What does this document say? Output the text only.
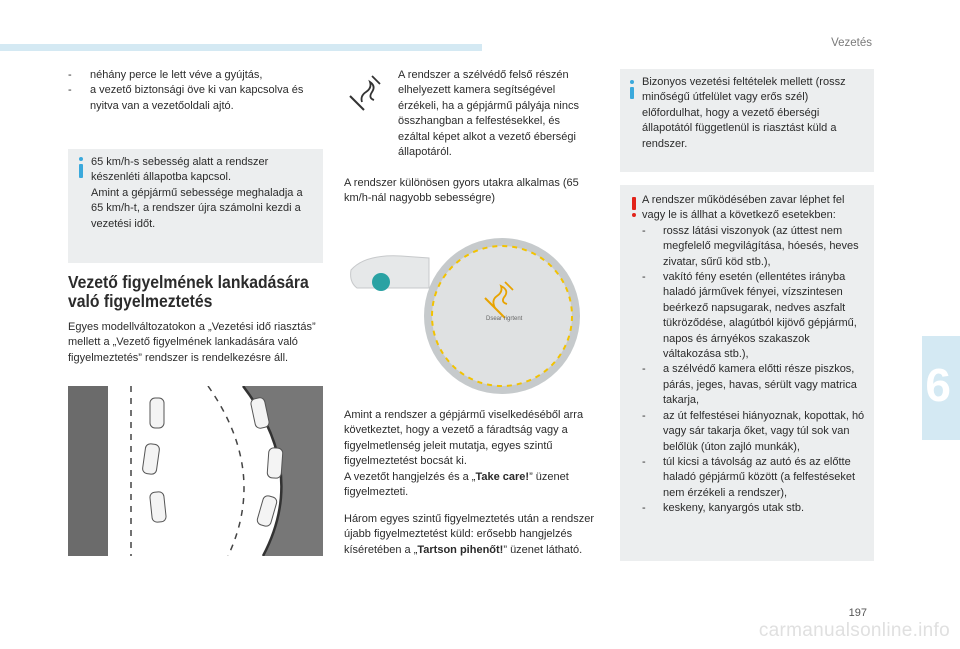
Vezetés
6
- néhány perce le lett véve a gyújtás,
- a vezető biztonsági öve ki van kapcsolva és nyitva van a vezetőoldali ajtó.
65 km/h-s sebesség alatt a rendszer készenléti állapotba kapcsol.
Amint a gépjármű sebessége meghaladja a 65 km/h-t, a rendszer újra számolni kezdi a vezetési időt.
Vezető figyelmének lankadására való figyelmeztetés
Egyes modellváltozatokon a „Vezetési idő riasztás” mellett a „Vezető figyelmének lankadására való figyelmeztetés” rendszer is rendelkezésre áll.
A rendszer a szélvédő felső részén elhelyezett kamera segítségével érzékeli, ha a gépjármű pályája nincs összhangban a felfestésekkel, és ezáltal képet alkot a vezető éberségi állapotáról.
A rendszer különösen gyors utakra alkalmas (65 km/h-nál nagyobb sebességre)
Dsear rigrtent
Amint a rendszer a gépjármű viselkedéséből arra következtet, hogy a vezető a fáradtság vagy a figyelmetlenség jeleit mutatja, egyes szintű figyelmeztetést bocsát ki.
A vezetőt hangjelzés és a „Take care!” üzenet figyelmezteti.
Három egyes szintű figyelmeztetés után a rendszer újabb figyelmeztetést küld: erősebb hangjelzés kíséretében a „Tartson pihenőt!” üzenet látható.
Bizonyos vezetési feltételek mellett (rossz minőségű útfelület vagy erős szél) előfordulhat, hogy a vezető éberségi állapotától függetlenül is riasztást küld a rendszer.
A rendszer működésében zavar léphet fel vagy le is állhat a következő esetekben:
- rossz látási viszonyok (az úttest nem megfelelő megvilágítása, hóesés, heves zivatar, sűrű köd stb.),
- vakító fény esetén (ellentétes irányba haladó járművek fényei, vízszintesen beérkező napsugarak, nedves aszfalt tükröződése, alagútból kijövő gépjármű, napos és árnyékos szakaszok váltakozása stb.),
- a szélvédő kamera előtti része piszkos, párás, jeges, havas, sérült vagy matrica takarja,
- az út felfestései hiányoznak, kopottak, hó vagy sár takarja őket, vagy túl sok van belőlük (úton zajló munkák),
- túl kicsi a távolság az autó és az előtte haladó gépjármű között (a felfestéseket nem érzékeli a rendszer),
- keskeny, kanyargós utak stb.
197
carmanualsonline.info
